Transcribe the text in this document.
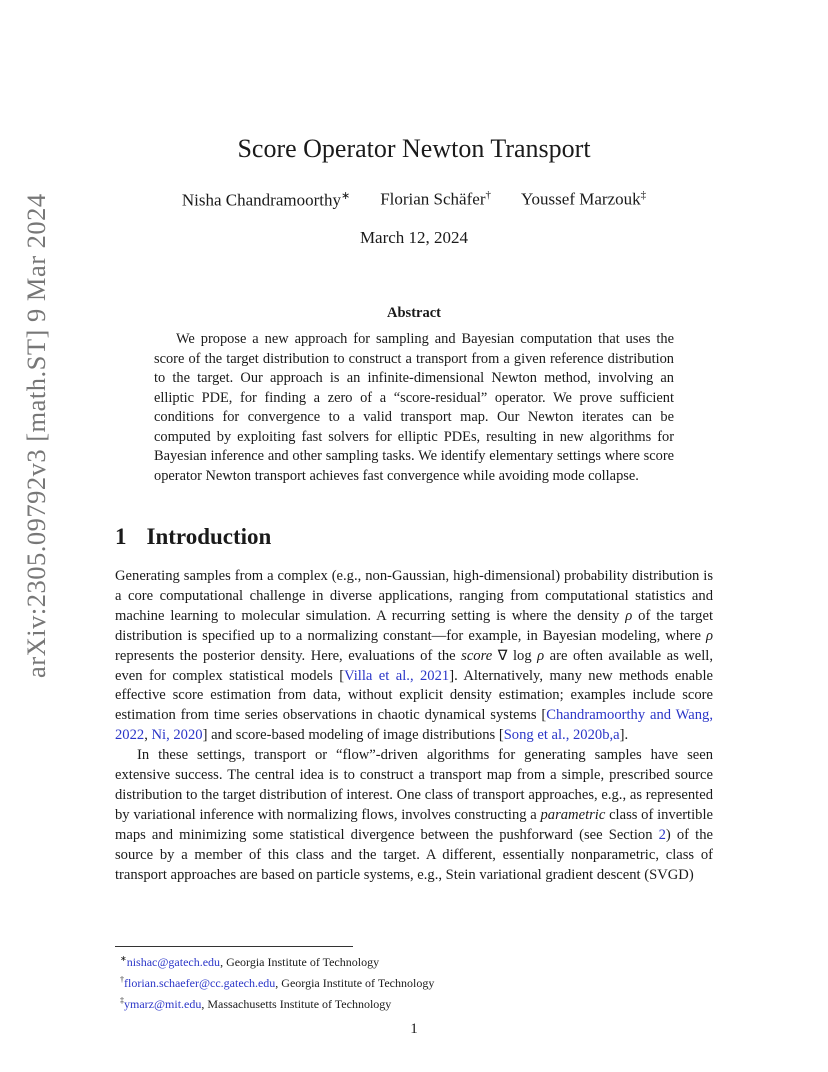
arXiv:2305.09792v3 [math.ST] 9 Mar 2024
Score Operator Newton Transport
Nisha Chandramoorthy∗ Florian Schäfer† Youssef Marzouk‡
March 12, 2024
Abstract
We propose a new approach for sampling and Bayesian computation that uses the score of the target distribution to construct a transport from a given reference distribution to the target. Our approach is an infinite-dimensional Newton method, involving an elliptic PDE, for finding a zero of a “score-residual” operator. We prove sufficient conditions for convergence to a valid transport map. Our Newton iterates can be computed by exploiting fast solvers for elliptic PDEs, resulting in new algorithms for Bayesian inference and other sampling tasks. We identify elementary settings where score operator Newton transport achieves fast convergence while avoiding mode collapse.
1 Introduction

Generating samples from a complex (e.g., non-Gaussian, high-dimensional) probability distribution is a core computational challenge in diverse applications, ranging from computational statistics and machine learning to molecular simulation. A recurring setting is where the density ρ of the target distribution is specified up to a normalizing constant—for example, in Bayesian modeling, where ρ represents the posterior density. Here, evaluations of the score ∇ log ρ are often available as well, even for complex statistical models [Villa et al., 2021]. Alternatively, many new methods enable effective score estimation from data, without explicit density estimation; examples include score estimation from time series observations in chaotic dynamical systems [Chandramoorthy and Wang, 2022, Ni, 2020] and score-based modeling of image distributions [Song et al., 2020b,a].

In these settings, transport or “flow”-driven algorithms for generating samples have seen extensive success. The central idea is to construct a transport map from a simple, prescribed source distribution to the target distribution of interest. One class of transport approaches, e.g., as represented by variational inference with normalizing flows, involves constructing a parametric class of invertible maps and minimizing some statistical divergence between the pushforward (see Section 2) of the source by a member of this class and the target. A different, essentially nonparametric, class of transport approaches are based on particle systems, e.g., Stein variational gradient descent (SVGD)

∗nishac@gatech.edu, Georgia Institute of Technology
†florian.schaefer@cc.gatech.edu, Georgia Institute of Technology
‡ymarz@mit.edu, Massachusetts Institute of Technology
1
